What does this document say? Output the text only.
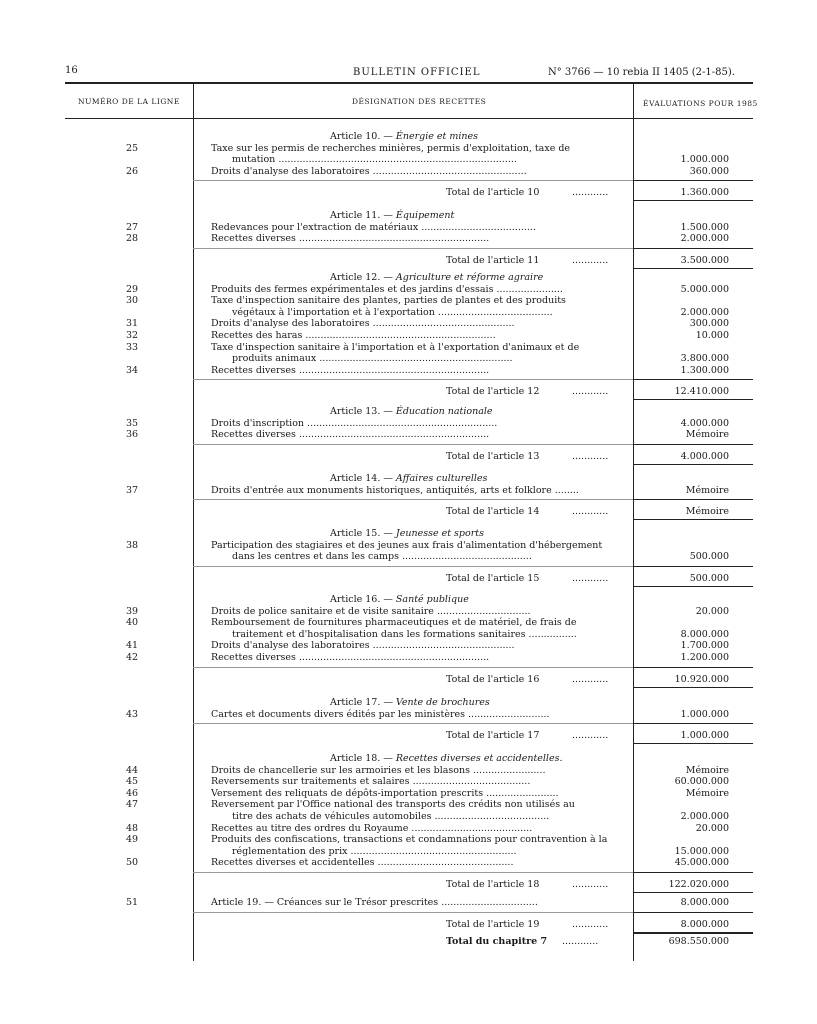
16	BULLETIN OFFICIEL	N° 3766 — 10 rebia II 1405 (2-1-85).
NUMÉRO DE LA LIGNE	DÉSIGNATION DES RECETTES	ÉVALUATIONS POUR 1985
Article 10. — Énergie et mines
25	Taxe sur les permis de recherches minières, permis d'exploitation, taxe de
mutation ...............................................................................	1.000.000
26	Droits d'analyse des laboratoires ...................................................	360.000
Total de l'article 10	............	1.360.000
Article 11. — Équipement
27	Redevances pour l'extraction de matériaux ......................................	1.500.000
28	Recettes diverses ...............................................................	2.000.000
Total de l'article 11	............	3.500.000
Article 12. — Agriculture et réforme agraire
29	Produits des fermes expérimentales et des jardins d'essais ......................	5.000.000
30	Taxe d'inspection sanitaire des plantes, parties de plantes et des produits
végétaux à l'importation et à l'exportation ......................................	2.000.000
31	Droits d'analyse des laboratoires ...............................................	300.000
32	Recettes des haras ...............................................................	10.000
33	Taxe d'inspection sanitaire à l'importation et à l'exportation d'animaux et de
produits animaux ................................................................	3.800.000
34	Recettes diverses ...............................................................	1.300.000
Total de l'article 12	............	12.410.000
Article 13. — Éducation nationale
35	Droits d'inscription ...............................................................	4.000.000
36	Recettes diverses ...............................................................	Mémoire
Total de l'article 13	............	4.000.000
Article 14. — Affaires culturelles
37	Droits d'entrée aux monuments historiques, antiquités, arts et folklore ........	Mémoire
Total de l'article 14	............	Mémoire
Article 15. — Jeunesse et sports
38	Participation des stagiaires et des jeunes aux frais d'alimentation d'hébergement
dans les centres et dans les camps ...........................................	500.000
Total de l'article 15	............	500.000
Article 16. — Santé publique
39	Droits de police sanitaire et de visite sanitaire ...............................	20.000
40	Remboursement de fournitures pharmaceutiques et de matériel, de frais de
traitement et d'hospitalisation dans les formations sanitaires ................	8.000.000
41	Droits d'analyse des laboratoires ...............................................	1.700.000
42	Recettes diverses ...............................................................	1.200.000
Total de l'article 16	............	10.920.000
Article 17. — Vente de brochures
43	Cartes et documents divers édités par les ministères ...........................	1.000.000
Total de l'article 17	............	1.000.000
Article 18. — Recettes diverses et accidentelles.
44	Droits de chancellerie sur les armoiries et les blasons ........................	Mémoire
45	Reversements sur traitements et salaires .......................................	60.000.000
46	Versement des reliquats de dépôts-importation prescrits ........................	Mémoire
47	Reversement par l'Office national des transports des crédits non utilisés au
titre des achats de véhicules automobiles ......................................	2.000.000
48	Recettes au titre des ordres du Royaume ........................................	20.000
49	Produits des confiscations, transactions et condamnations pour contravention à la
réglementation des prix .......................................................	15.000.000
50	Recettes diverses et accidentelles .............................................	45.000.000
Total de l'article 18	............	122.020.000
51	Article 19. — Créances sur le Trésor prescrites ................................	8.000.000
Total de l'article 19	............	8.000.000
Total du chapitre 7 ............	698.550.000
